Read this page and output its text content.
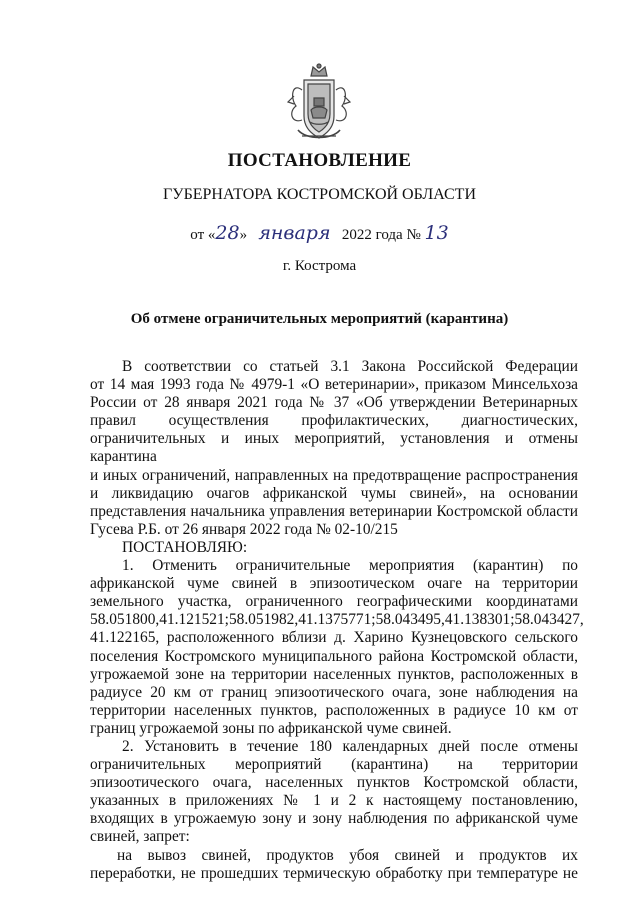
ПОСТАНОВЛЕНИЕ
ГУБЕРНАТОРА КОСТРОМСКОЙ ОБЛАСТИ
от «28» января 2022 года № 13
г. Кострома
Об отмене ограничительных мероприятий (карантина)

В соответствии со статьей 3.1 Закона Российской Федерации

от 14 мая 1993 года № 4979-1 «О ветеринарии», приказом Минсельхоза

России от 28 января 2021 года № 37 «Об утверждении Ветеринарных

правил осуществления профилактических, диагностических,

ограничительных и иных мероприятий, установления и отмены карантина

и иных ограничений, направленных на предотвращение распространения

и ликвидацию очагов африканской чумы свиней», на основании

представления начальника управления ветеринарии Костромской области

Гусева Р.Б. от 26 января 2022 года № 02-10/215

ПОСТАНОВЛЯЮ:

1. Отменить ограничительные мероприятия (карантин) по

африканской чуме свиней в эпизоотическом очаге на территории

земельного участка, ограниченного географическими координатами

58.051800,41.121521;58.051982,41.1375771;58.043495,41.138301;58.043427,

41.122165, расположенного вблизи д. Харино Кузнецовского сельского

поселения Костромского муниципального района Костромской области,

угрожаемой зоне на территории населенных пунктов, расположенных в

радиусе 20 км от границ эпизоотического очага, зоне наблюдения на

территории населенных пунктов, расположенных в радиусе 10 км от

границ угрожаемой зоны по африканской чуме свиней.

2. Установить в течение 180 календарных дней после отмены

ограничительных мероприятий (карантина) на территории

эпизоотического очага, населенных пунктов Костромской области,

указанных в приложениях № 1 и 2 к настоящему постановлению,

входящих в угрожаемую зону и зону наблюдения по африканской чуме

свиней, запрет:

на вывоз свиней, продуктов убоя свиней и продуктов их

переработки, не прошедших термическую обработку при температуре не
